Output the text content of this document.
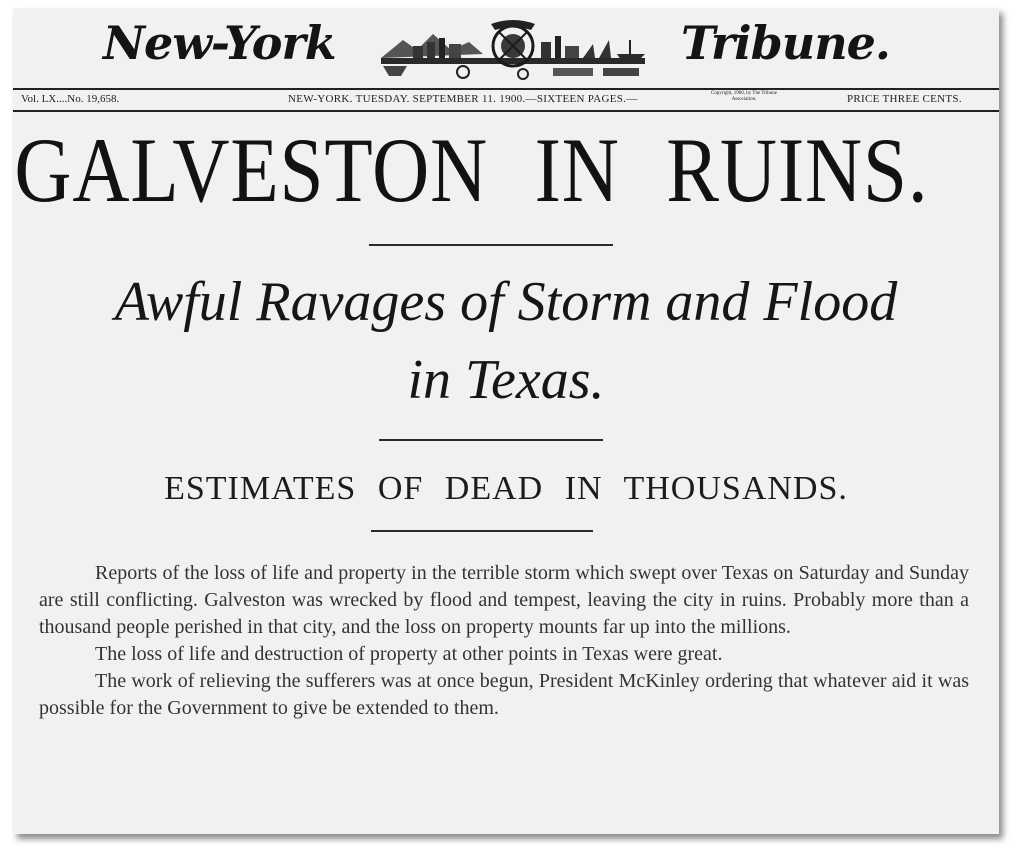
New-York	Tribune.
Vol. LX....No. 19,658.	NEW-YORK. TUESDAY. SEPTEMBER 11. 1900.—SIXTEEN PAGES.—	Copyright, 1900, by The Tribune Association.	PRICE THREE CENTS.
GALVESTON IN RUINS.
Awful Ravages of Storm and Flood
in Texas.
ESTIMATES OF DEAD IN THOUSANDS.

Reports of the loss of life and property in the terrible storm which swept over Texas on Saturday and Sunday are still conflicting. Galveston was wrecked by flood and tempest, leaving the city in ruins. Probably more than a thousand people perished in that city, and the loss on property mounts far up into the millions.

The loss of life and destruction of property at other points in Texas were great.

The work of relieving the sufferers was at once begun, President McKinley ordering that whatever aid it was possible for the Government to give be extended to them.
